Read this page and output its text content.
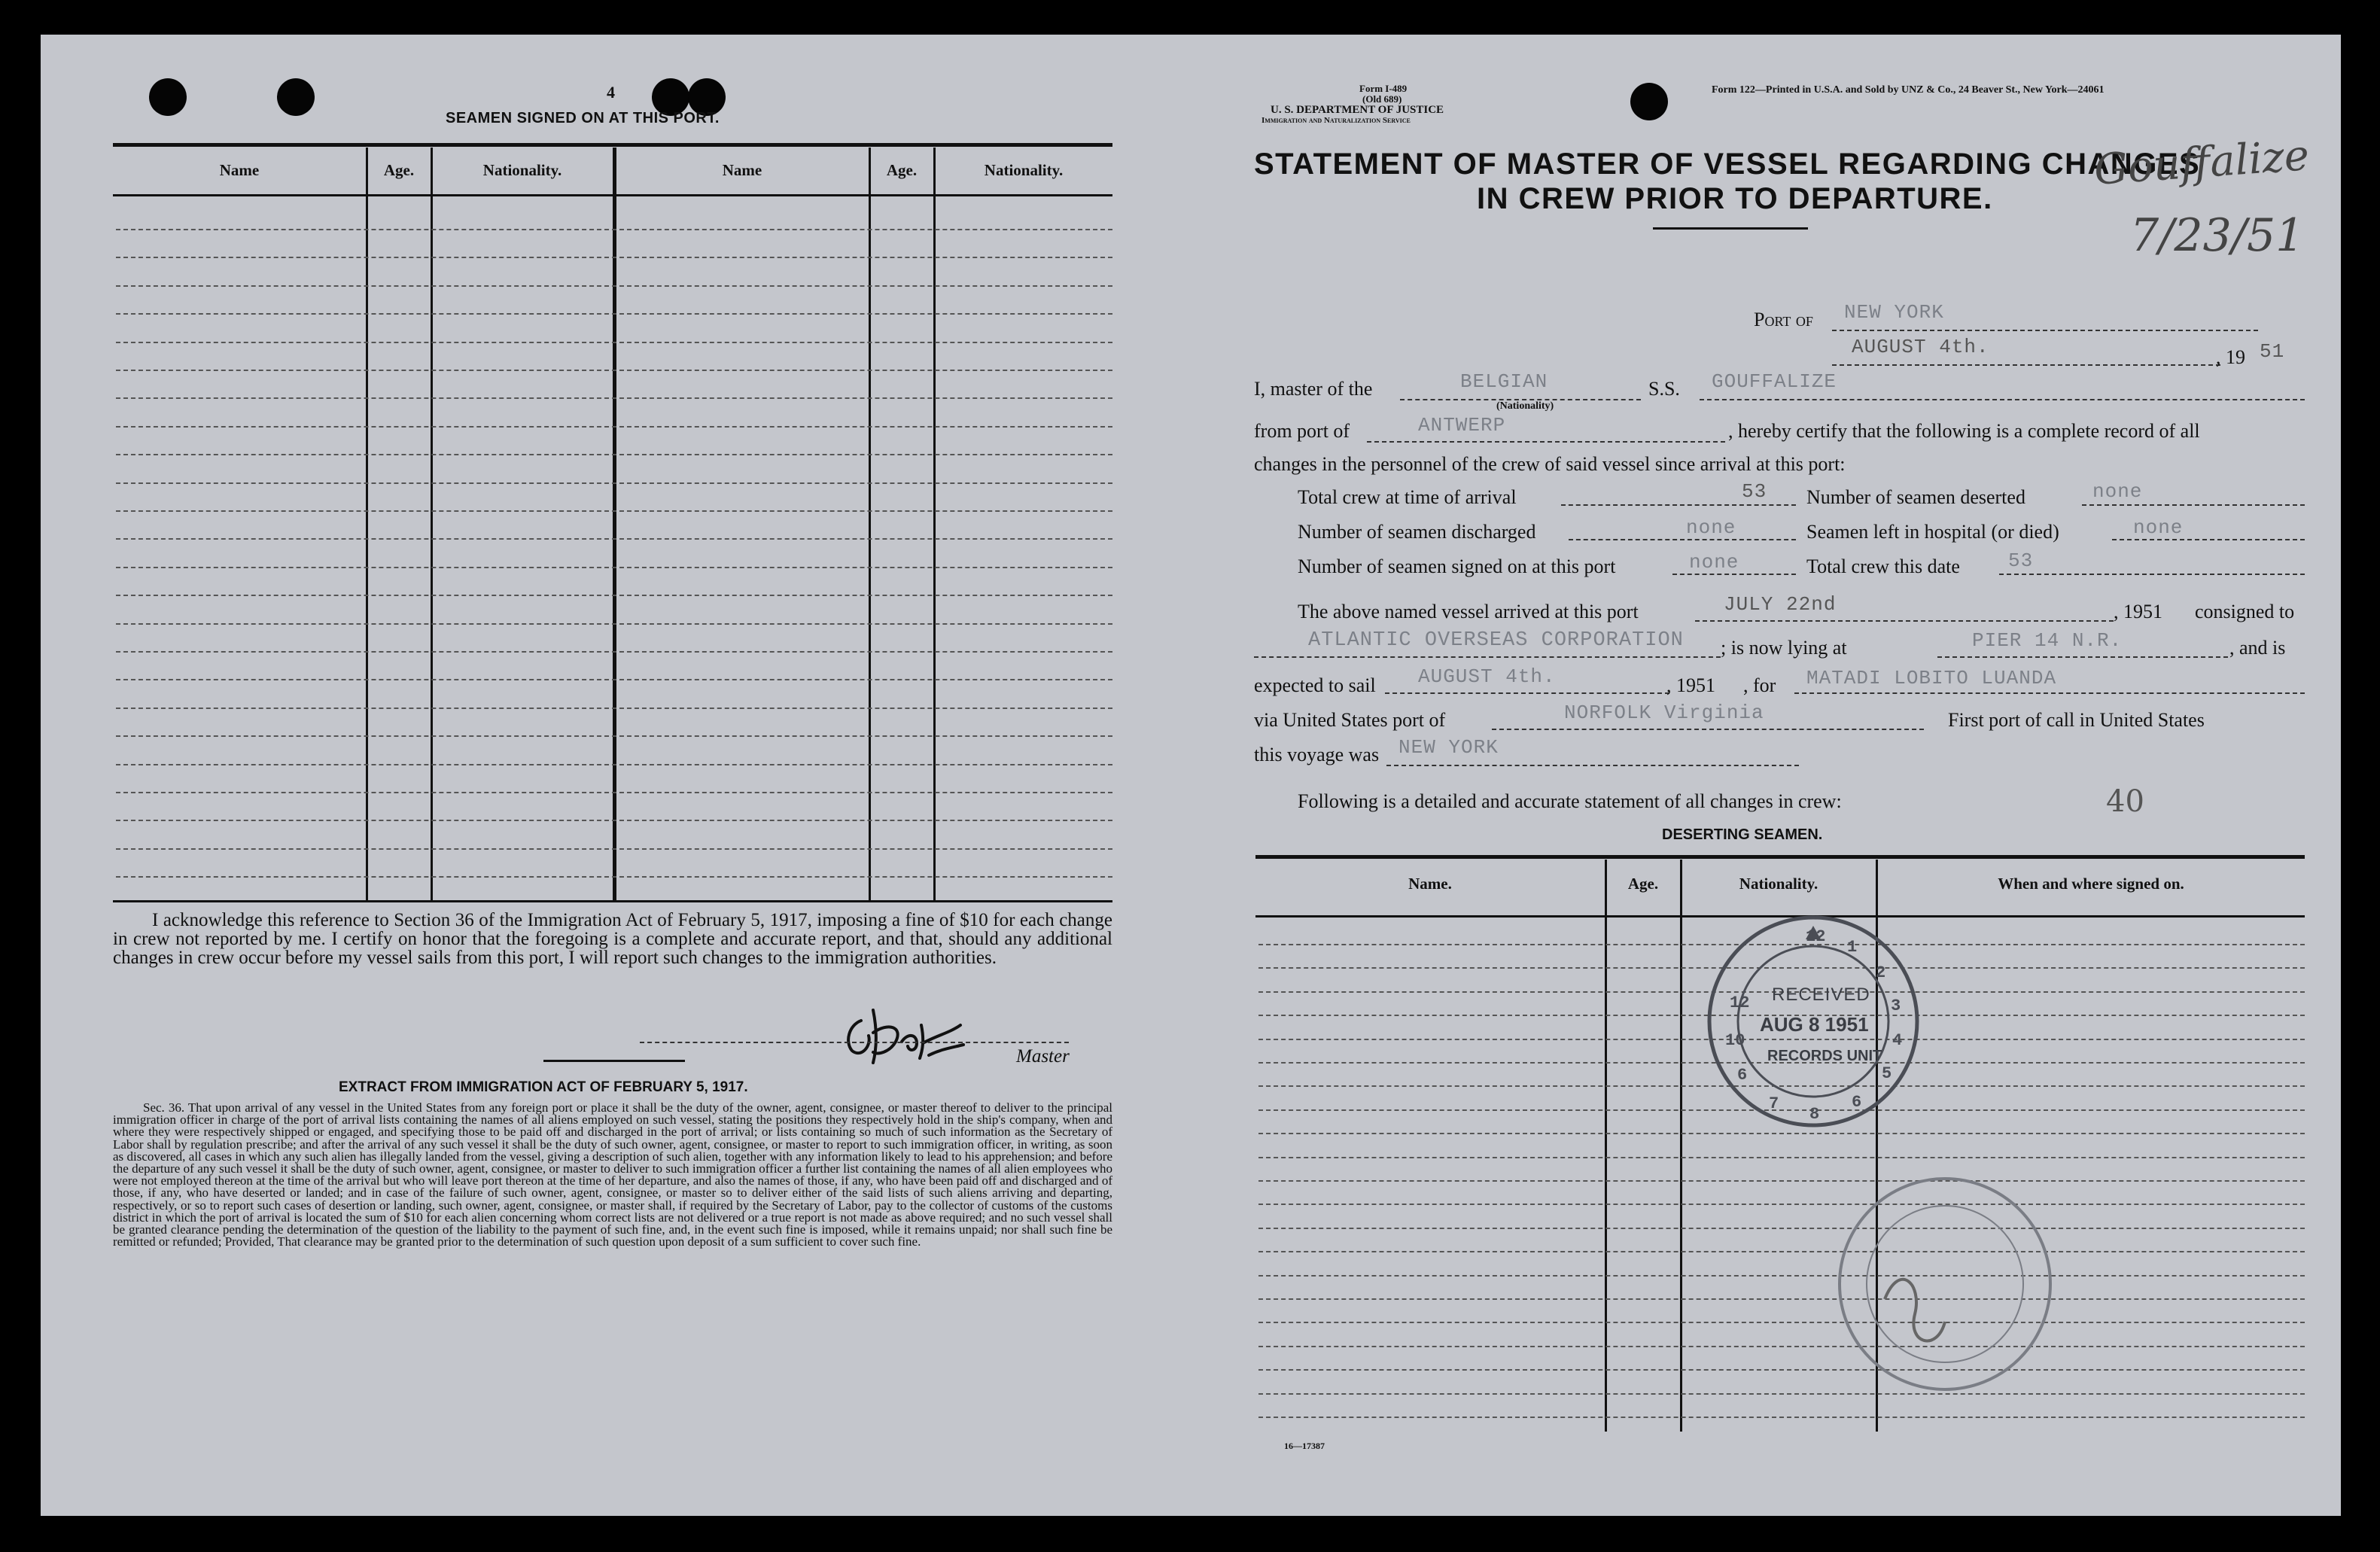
4
SEAMEN SIGNED ON AT THIS PORT.
Name	Age.	Nationality.	Name	Age.	Nationality.
I acknowledge this reference to Section 36 of the Immigration Act of February 5, 1917, imposing a fine of $10 for each change in crew not reported by me. I certify on honor that the foregoing is a complete and accurate report, and that, should any additional changes in crew occur before my vessel sails from this port, I will report such changes to the immigration authorities.
Master
EXTRACT FROM IMMIGRATION ACT OF FEBRUARY 5, 1917.
Sec. 36. That upon arrival of any vessel in the United States from any foreign port or place it shall be the duty of the owner, agent, consignee, or master thereof to deliver to the principal immigration officer in charge of the port of arrival lists containing the names of all aliens employed on such vessel, stating the positions they respectively hold in the ship's company, when and where they were respectively shipped or engaged, and specifying those to be paid off and discharged in the port of arrival; or lists containing so much of such information as the Secretary of Labor shall by regulation prescribe; and after the arrival of any such vessel it shall be the duty of such owner, agent, consignee, or master to report to such immigration officer, in writing, as soon as discovered, all cases in which any such alien has illegally landed from the vessel, giving a description of such alien, together with any information likely to lead to his apprehension; and before the departure of any such vessel it shall be the duty of such owner, agent, consignee, or master to deliver to such immigration officer a further list containing the names of all alien employees who were not employed thereon at the time of the arrival but who will leave port thereon at the time of her departure, and also the names of those, if any, who have been paid off and discharged and of those, if any, who have deserted or landed; and in case of the failure of such owner, agent, consignee, or master so to deliver either of the said lists of such aliens arriving and departing, respectively, or so to report such cases of desertion or landing, such owner, agent, consignee, or master shall, if required by the Secretary of Labor, pay to the collector of customs of the customs district in which the port of arrival is located the sum of $10 for each alien concerning whom correct lists are not delivered or a true report is not made as above required; and no such vessel shall be granted clearance pending the determination of the question of the liability to the payment of such fine, and, in the event such fine is imposed, while it remains unpaid; nor shall such fine be remitted or refunded; Provided, That clearance may be granted prior to the determination of such question upon deposit of a sum sufficient to cover such fine.
Form I-489
(Old 689)
U. S. DEPARTMENT OF JUSTICE
Immigration and Naturalization Service
Form 122—Printed in U.S.A. and Sold by UNZ & Co., 24 Beaver St., New York—24061
STATEMENT OF MASTER OF VESSEL REGARDING CHANGES
IN CREW PRIOR TO DEPARTURE.
Gouffalize
7/23/51
Port of NEW YORK
AUGUST 4th.	, 19 51
I, master of the	BELGIAN
(Nationality)
S.S. GOUFFALIZE
from port of	ANTWERP	, hereby certify that the following is a complete record of all
changes in the personnel of the crew of said vessel since arrival at this port:
Total crew at time of arrival	53 Number of seamen deserted	none
Number of seamen discharged	none	Seamen left in hospital (or died)	none
Number of seamen signed on at this port	none	Total crew this date 53
The above named vessel arrived at this port	JULY 22nd	, 1951 consigned to
ATLANTIC OVERSEAS CORPORATION ; is now lying at	PIER 14 N.R.	, and is
expected to sail AUGUST 4th.	, 1951 , for MATADI LOBITO LUANDA
via United States port of	NORFOLK Virginia	First port of call in United States
this voyage was NEW YORK
Following is a detailed and accurate statement of all changes in crew:	40
DESERTING SEAMEN.
Name.	Age.	Nationality.	When and where signed on.
12
1
2
3
4
5
6
8
7
6
10
12 RECEIVED
AUG 8 1951
RECORDS UNIT
16—17387
